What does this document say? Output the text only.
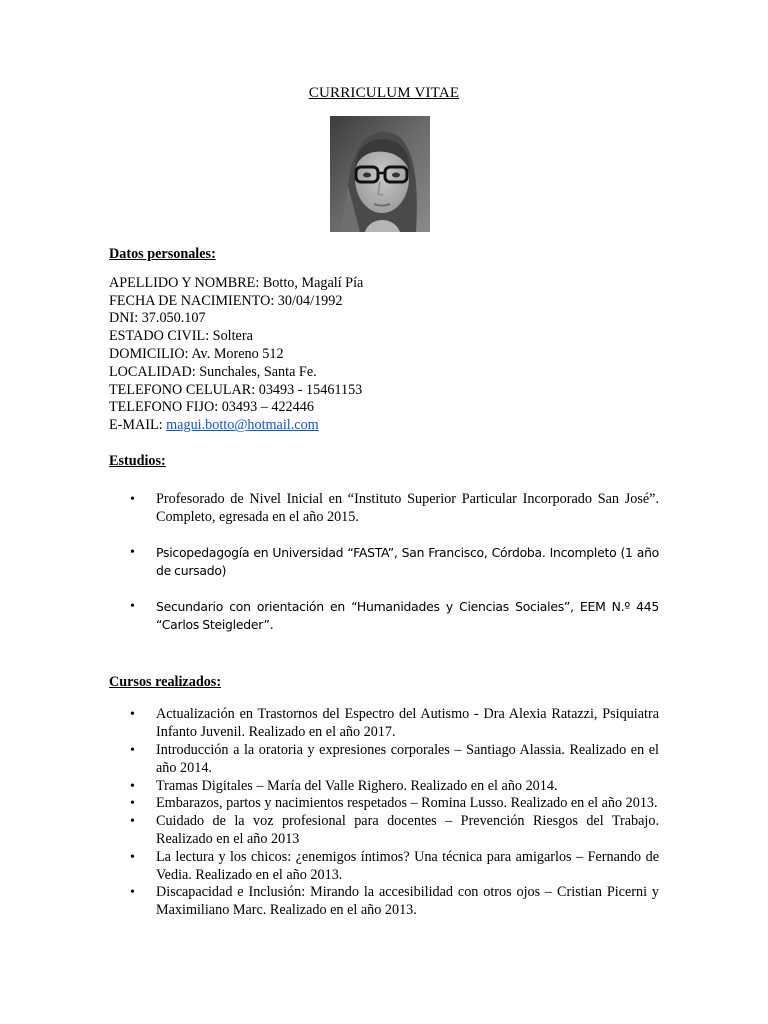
CURRICULUM VITAE
Datos personales:
APELLIDO Y NOMBRE: Botto, Magalí Pía
FECHA DE NACIMIENTO: 30/04/1992
DNI: 37.050.107
ESTADO CIVIL: Soltera
DOMICILIO: Av. Moreno 512
LOCALIDAD: Sunchales, Santa Fe.
TELEFONO CELULAR: 03493 - 15461153
TELEFONO FIJO: 03493 – 422446
E-MAIL: magui.botto@hotmail.com
Estudios:
• Profesorado de Nivel Inicial en “Instituto Superior Particular Incorporado San José”. Completo, egresada en el año 2015.
• Psicopedagogía en Universidad “FASTA”, San Francisco, Córdoba. Incompleto (1 año de cursado)
• Secundario con orientación en “Humanidades y Ciencias Sociales”, EEM N.º 445 “Carlos Steigleder”.
Cursos realizados:
• Actualización en Trastornos del Espectro del Autismo - Dra Alexia Ratazzi, Psiquiatra Infanto Juvenil. Realizado en el año 2017.
• Introducción a la oratoria y expresiones corporales – Santiago Alassia. Realizado en el año 2014.
• Tramas Digitales – María del Valle Righero. Realizado en el año 2014.
• Embarazos, partos y nacimientos respetados – Romina Lusso. Realizado en el año 2013.
• Cuidado de la voz profesional para docentes – Prevención Riesgos del Trabajo. Realizado en el año 2013
• La lectura y los chicos: ¿enemigos íntimos? Una técnica para amigarlos – Fernando de Vedia. Realizado en el año 2013.
• Discapacidad e Inclusión: Mirando la accesibilidad con otros ojos – Cristian Picerni y Maximiliano Marc. Realizado en el año 2013.
